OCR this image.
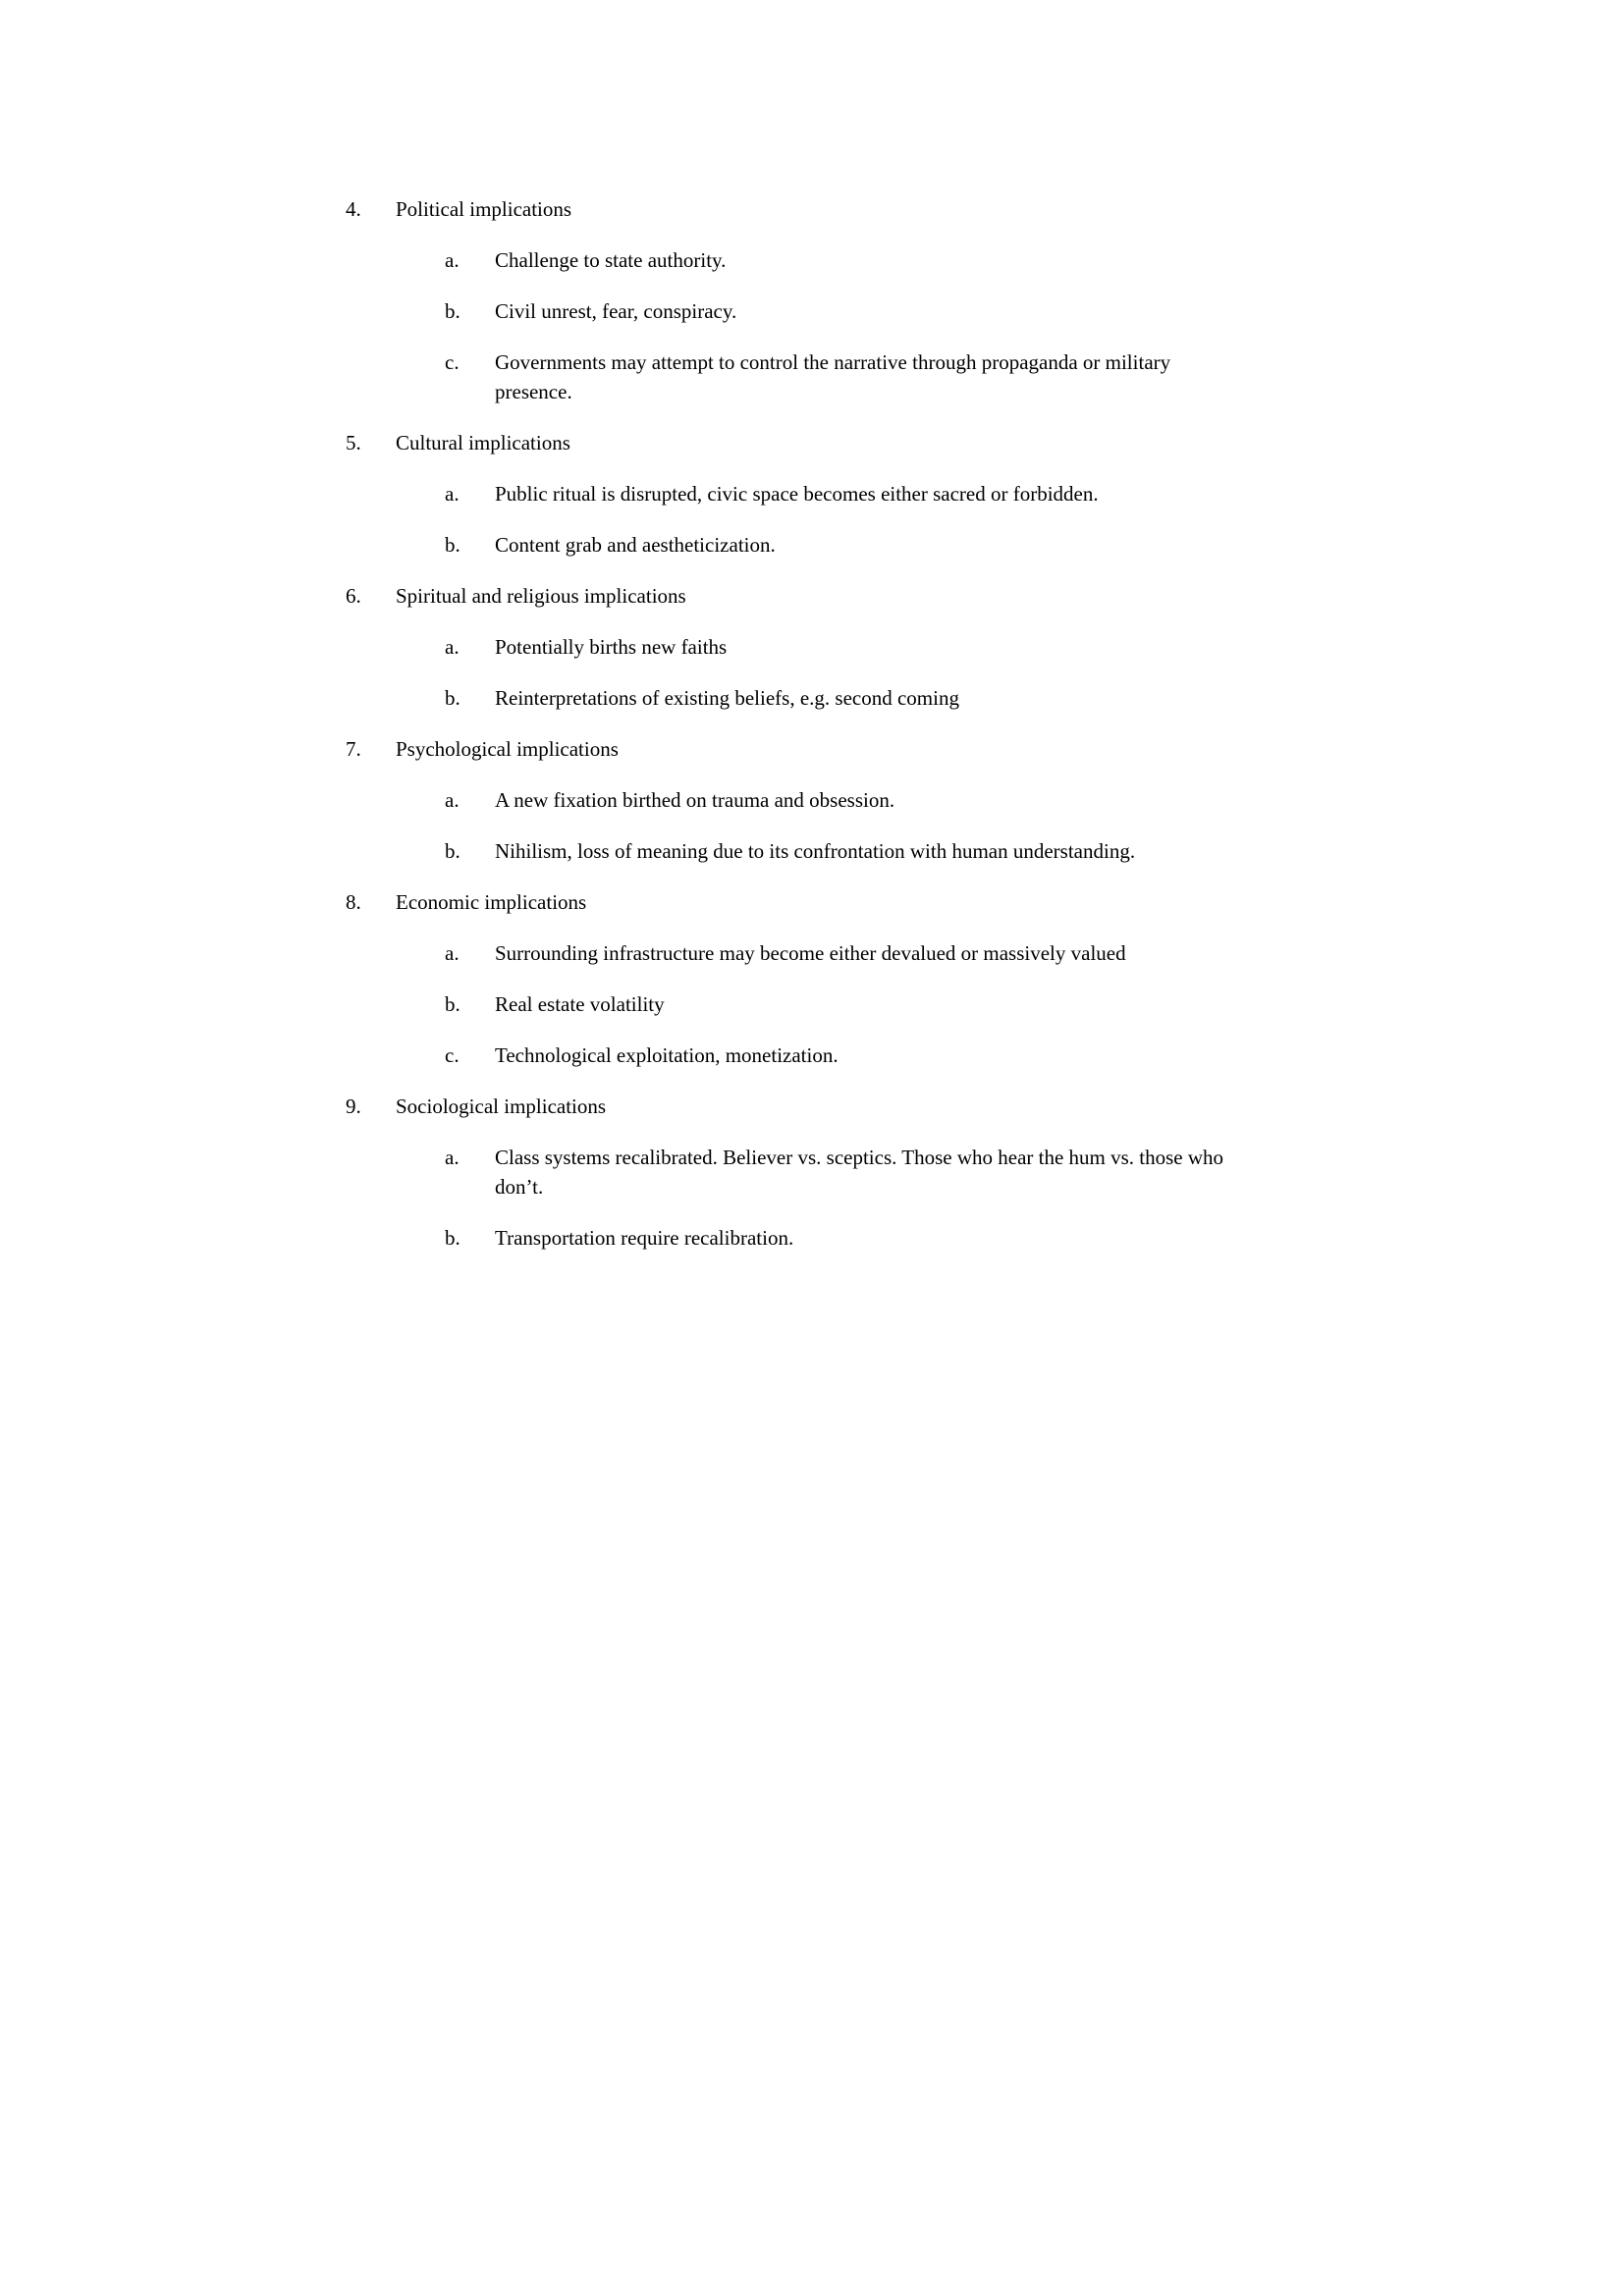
4.	Political implications
a.	Challenge to state authority.
b.	Civil unrest, fear, conspiracy.
c.	Governments may attempt to control the narrative through propaganda or military presence.
5.	Cultural implications
a.	Public ritual is disrupted, civic space becomes either sacred or forbidden.
b.	Content grab and aestheticization.
6.	Spiritual and religious implications
a.	Potentially births new faiths
b.	Reinterpretations of existing beliefs, e.g. second coming
7.	Psychological implications
a.	A new fixation birthed on trauma and obsession.
b.	Nihilism, loss of meaning due to its confrontation with human understanding.
8.	Economic implications
a.	Surrounding infrastructure may become either devalued or massively valued
b.	Real estate volatility
c.	Technological exploitation, monetization.
9.	Sociological implications
a.	Class systems recalibrated. Believer vs. sceptics. Those who hear the hum vs. those who don’t.
b.	Transportation require recalibration.
